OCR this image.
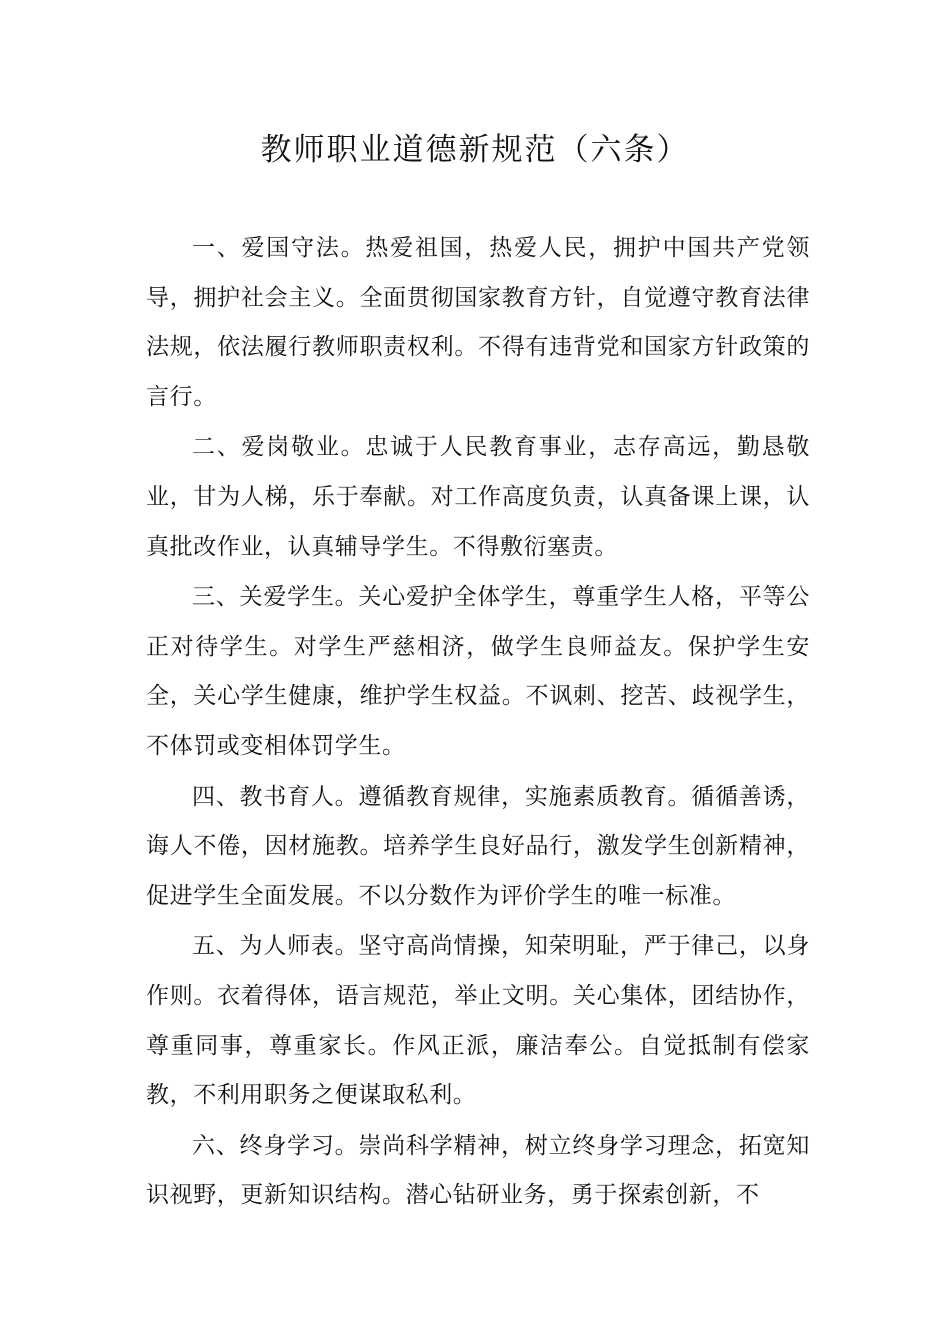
教师职业道德新规范（六条）

一、爱国守法。热爱祖国，热爱人民，拥护中国共产党领导，拥护社会主义。全面贯彻国家教育方针，自觉遵守教育法律法规，依法履行教师职责权利。不得有违背党和国家方针政策的言行。

二、爱岗敬业。忠诚于人民教育事业，志存高远，勤恳敬业，甘为人梯，乐于奉献。对工作高度负责，认真备课上课，认真批改作业，认真辅导学生。不得敷衍塞责。

三、关爱学生。关心爱护全体学生，尊重学生人格，平等公正对待学生。对学生严慈相济，做学生良师益友。保护学生安全，关心学生健康，维护学生权益。不讽刺、挖苦、歧视学生，不体罚或变相体罚学生。

四、教书育人。遵循教育规律，实施素质教育。循循善诱，诲人不倦，因材施教。培养学生良好品行，激发学生创新精神，促进学生全面发展。不以分数作为评价学生的唯一标准。

五、为人师表。坚守高尚情操，知荣明耻，严于律己，以身作则。衣着得体，语言规范，举止文明。关心集体，团结协作，尊重同事，尊重家长。作风正派，廉洁奉公。自觉抵制有偿家教，不利用职务之便谋取私利。

六、终身学习。崇尚科学精神，树立终身学习理念，拓宽知识视野，更新知识结构。潜心钻研业务，勇于探索创新，不
